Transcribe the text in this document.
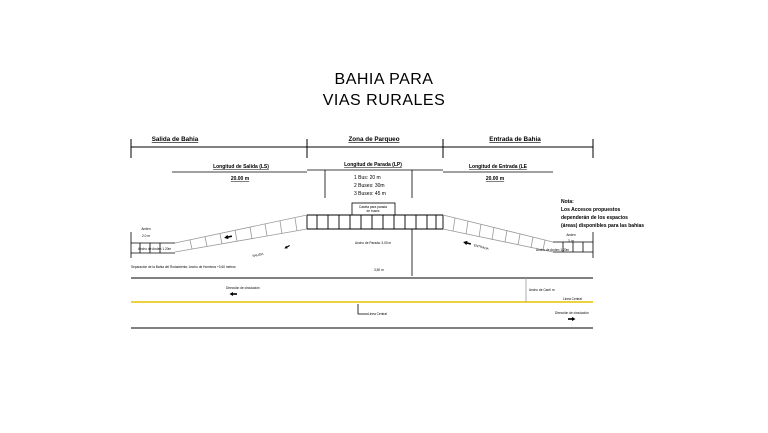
BAHIA PARA
VIAS RURALES
Salida de Bahia	Zona de Parqueo	Entrada de Bahia
Longitud de Salida (LS)	Longitud de Parada (LP)	Longitud de Entrada (LE
20.00 m	20.00 m
1 Bus: 20 m
2 Buses: 30m
3 Buses: 45 m
Caseta para parada
de buses
Anden
2.0 m
Ancho de Anden 1.20m
Anden
3. m
Ancho de Anden 1.20m
Nota:
Los Accesos propuestos
dependerán de los espacios
(áreas) disponibles para las bahias
SALIDA
ENTRADA
Ancho de Parada: 3,00 m
3,50 m
Separación de la Bahia del Rodamiento: Ancho de Hombros +3.60 metros
Dirección de circulación	Ancho de Carril m
Linea Central
Dirección de circulación
Linea Central
